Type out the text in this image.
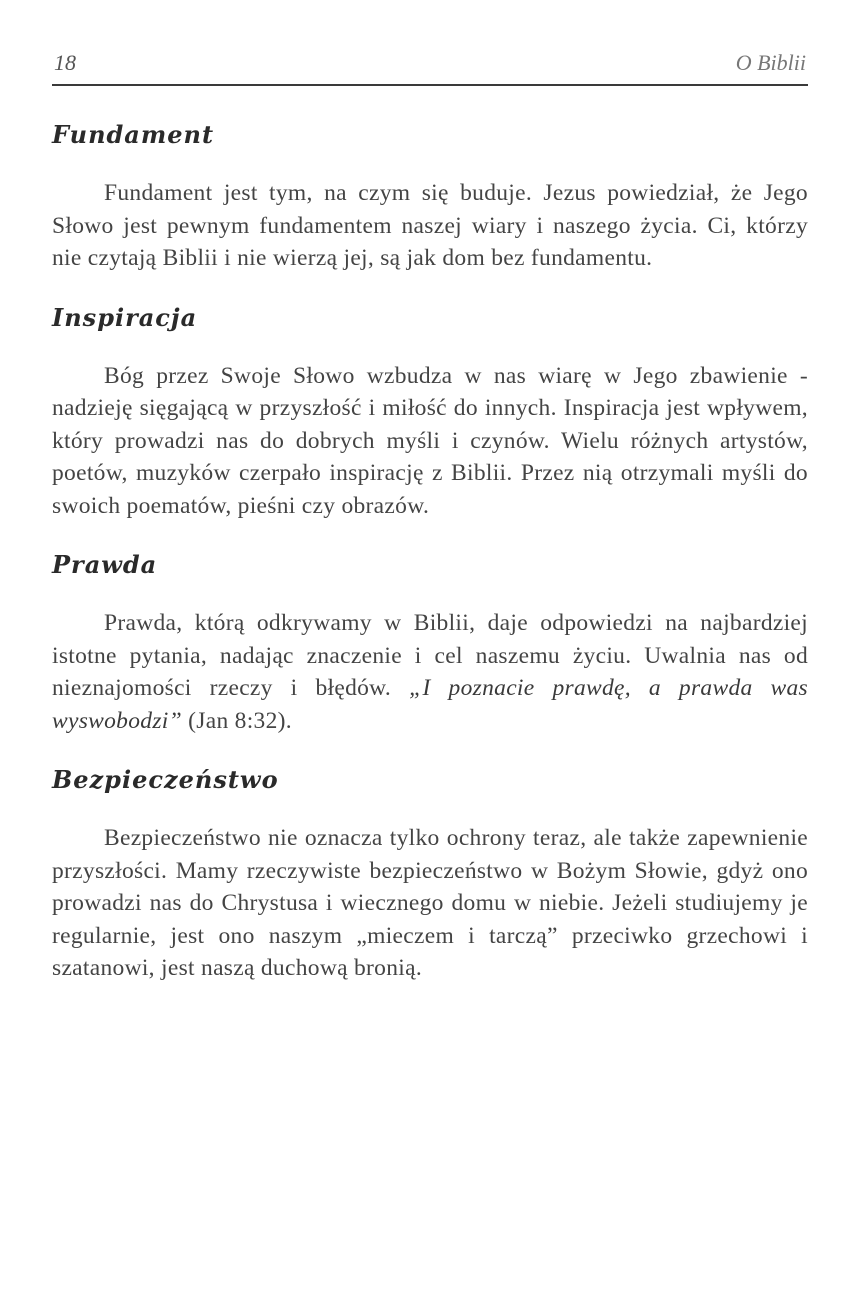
18	O Biblii
Fundament

Fundament jest tym, na czym się buduje. Jezus powiedział, że Jego Słowo jest pewnym fundamentem naszej wiary i naszego życia. Ci, którzy nie czytają Biblii i nie wierzą jej, są jak dom bez fundamentu.

Inspiracja

Bóg przez Swoje Słowo wzbudza w nas wiarę w Jego zbawienie - nadzieję sięgającą w przyszłość i miłość do innych. Inspiracja jest wpływem, który prowadzi nas do dobrych myśli i czynów. Wielu różnych artystów, poetów, muzyków czerpało inspirację z Biblii. Przez nią otrzymali myśli do swoich poematów, pieśni czy obrazów.

Prawda

Prawda, którą odkrywamy w Biblii, daje odpowiedzi na najbardziej istotne pytania, nadając znaczenie i cel naszemu życiu. Uwalnia nas od nieznajomości rzeczy i błędów. „I poznacie prawdę, a prawda was wyswobodzi” (Jan 8:32).

Bezpieczeństwo

Bezpieczeństwo nie oznacza tylko ochrony teraz, ale także zapewnienie przyszłości. Mamy rzeczywiste bezpieczeństwo w Bożym Słowie, gdyż ono prowadzi nas do Chrystusa i wiecznego domu w niebie. Jeżeli studiujemy je regularnie, jest ono naszym „mieczem i tarczą” przeciwko grzechowi i szatanowi, jest naszą duchową bronią.
